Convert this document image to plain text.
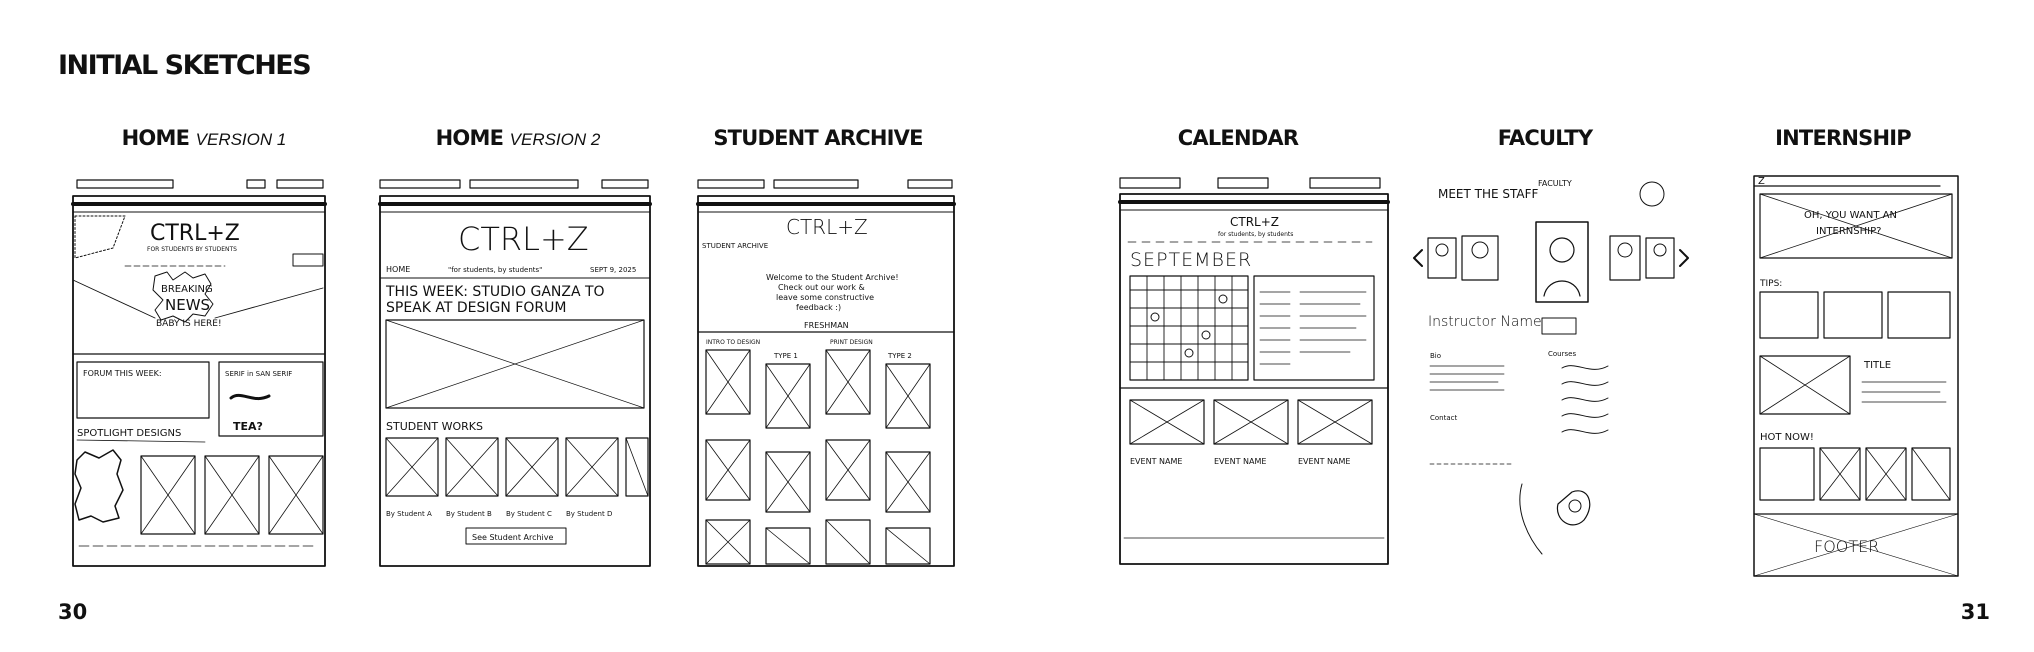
INITIAL SKETCHES
HOME VERSION 1	HOME VERSION 2	STUDENT ARCHIVE	CALENDAR	FACULTY	INTERNSHIP
CTRL+Z
FOR STUDENTS BY STUDENTS
BREAKING
NEWS
BABY IS HERE!
FORUM THIS WEEK:	SERIF in SAN SERIF
TEA?
SPOTLIGHT DESIGNS
CTRL+Z
HOME	"for students, by students"	SEPT 9, 2025
THIS WEEK: STUDIO GANZA TO
SPEAK AT DESIGN FORUM
STUDENT WORKS
By Student A By Student B By Student C By Student D
See Student Archive
CTRL+Z
STUDENT ARCHIVE
Welcome to the Student Archive!
Check out our work &
leave some constructive
feedback :)
FRESHMAN
INTRO TO DESIGN	PRINT DESIGN
TYPE 1	TYPE 2
CTRL+Z
for students, by students
SEPTEMBER
EVENT NAME	EVENT NAME	EVENT NAME
MEET THE STAFF
FACULTY
Instructor Name
Bio	Courses
Contact
Z
OH, YOU WANT AN
INTERNSHIP?
TIPS:
TITLE
HOT NOW!
FOOTER
30	31
